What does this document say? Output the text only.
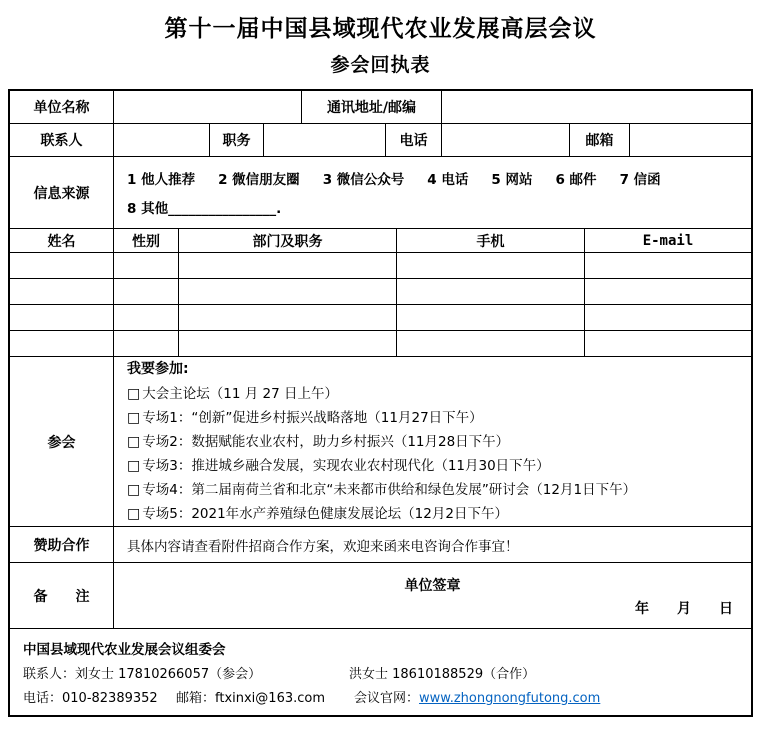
第十一届中国县域现代农业发展高层会议
参会回执表
单位名称	通讯地址/邮编
联系人	职务	电话	邮箱
信息来源
1 他人推荐 2 微信朋友圈 3 微信公众号 4 电话 5 网站 6 邮件 7 信函
8 其他________________.
姓名	性别	部门及职务	手机	E-mail
参会
我要参加:
□ 大会主论坛（11 月 27 日上午）
□ 专场1：“创新”促进乡村振兴战略落地（11月27日下午）
□ 专场2：数据赋能农业农村，助力乡村振兴（11月28日下午）
□ 专场3：推进城乡融合发展，实现农业农村现代化（11月30日下午）
□ 专场4：第二届南荷兰省和北京“未来都市供给和绿色发展”研讨会（12月1日下午）
□ 专场5：2021年水产养殖绿色健康发展论坛（12月2日下午）
赞助合作	具体内容请查看附件招商合作方案，欢迎来函来电咨询合作事宜！
备　　注
单位签章
年　　月　　日
中国县域现代农业发展会议组委会
联系人：刘女士 17810266057（参会）	洪女士 18610188529（合作）
电话：010-82389352 邮箱：ftxinxi@163.com 会议官网：www.zhongnongfutong.com
